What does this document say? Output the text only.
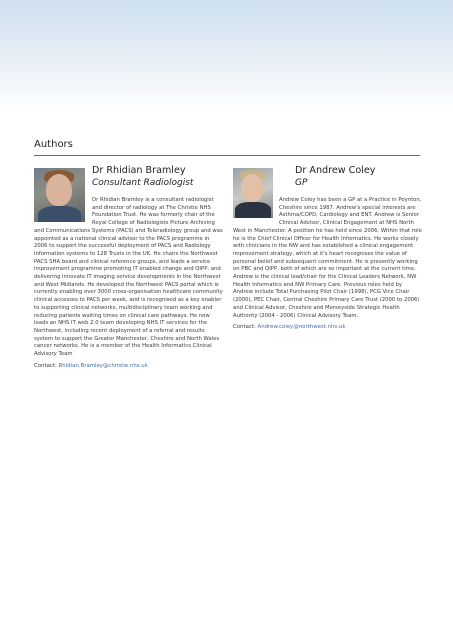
Authors

Dr Rhidian Bramley

Consultant Radiologist

Dr Rhidian Bramley is a consultant radiologist and director of radiology at The Christie NHS Foundation Trust. He was formerly chair of the Royal College of Radiologists Picture Archiving and Communications Systems (PACS) and Teleradiology group and was appointed as a national clinical advisor to the PACS programme in 2006 to support the successful deployment of PACS and Radiology information systems to 128 Trusts in the UK. He chairs the Northwest PACS SHA board and clinical reference groups, and leads a service improvement programme promoting IT enabled change and QIPP, and delivering innovate IT imaging service developments in the Northwest and West Midlands. He developed the Northwest PACS portal which is currently enabling over 3000 cross-organisation healthcare community clinical accesses to PACS per week, and is recognised as a key enabler to supporting clinical networks, multidisciplinary team working and reducing patients waiting times on clinical care pathways. He now leads an NHS IT web 2.0 team developing NHS IT services for the Northwest, including recent deployment of a referral and results system to support the Greater Manchester, Cheshire and North Wales cancer networks. He is a member of the Health Informatics Clinical Advisory Team

Contact: Rhidian.Bramley@christie.nhs.uk

Dr Andrew Coley

GP

Andrew Coley has been a GP at a Practice in Poynton, Cheshire since 1987. Andrew's special interests are Asthma/COPD, Cardiology and ENT. Andrew is Senior Clinical Advisor, Clinical Engagement at NHS North West in Manchester. A position he has held since 2006. Within that role he is the Chief Clinical Officer for Health Informatics. He works closely with clinicians in the NW and has established a clinical engagement improvement strategy, which at it's heart recognises the value of personal belief and subsequent commitment. He is presently working on PBC and QIPP, both of which are so important at the current time. Andrew is the clinical lead/chair for the Clinical Leaders Network, NW Health Informatics and NW Primary Care. Previous roles held by Andrew include Total Purchasing Pilot Chair (1998), PCG Vice Chair (2000), PEC Chair, Central Cheshire Primary Care Trust (2000 to 2006) and Clinical Advisor, Cheshire and Merseyside Strategic Health Authority (2004 - 2006) Clinical Advisory Team.

Contact: Andrew.coley@northwest.nhs.uk
